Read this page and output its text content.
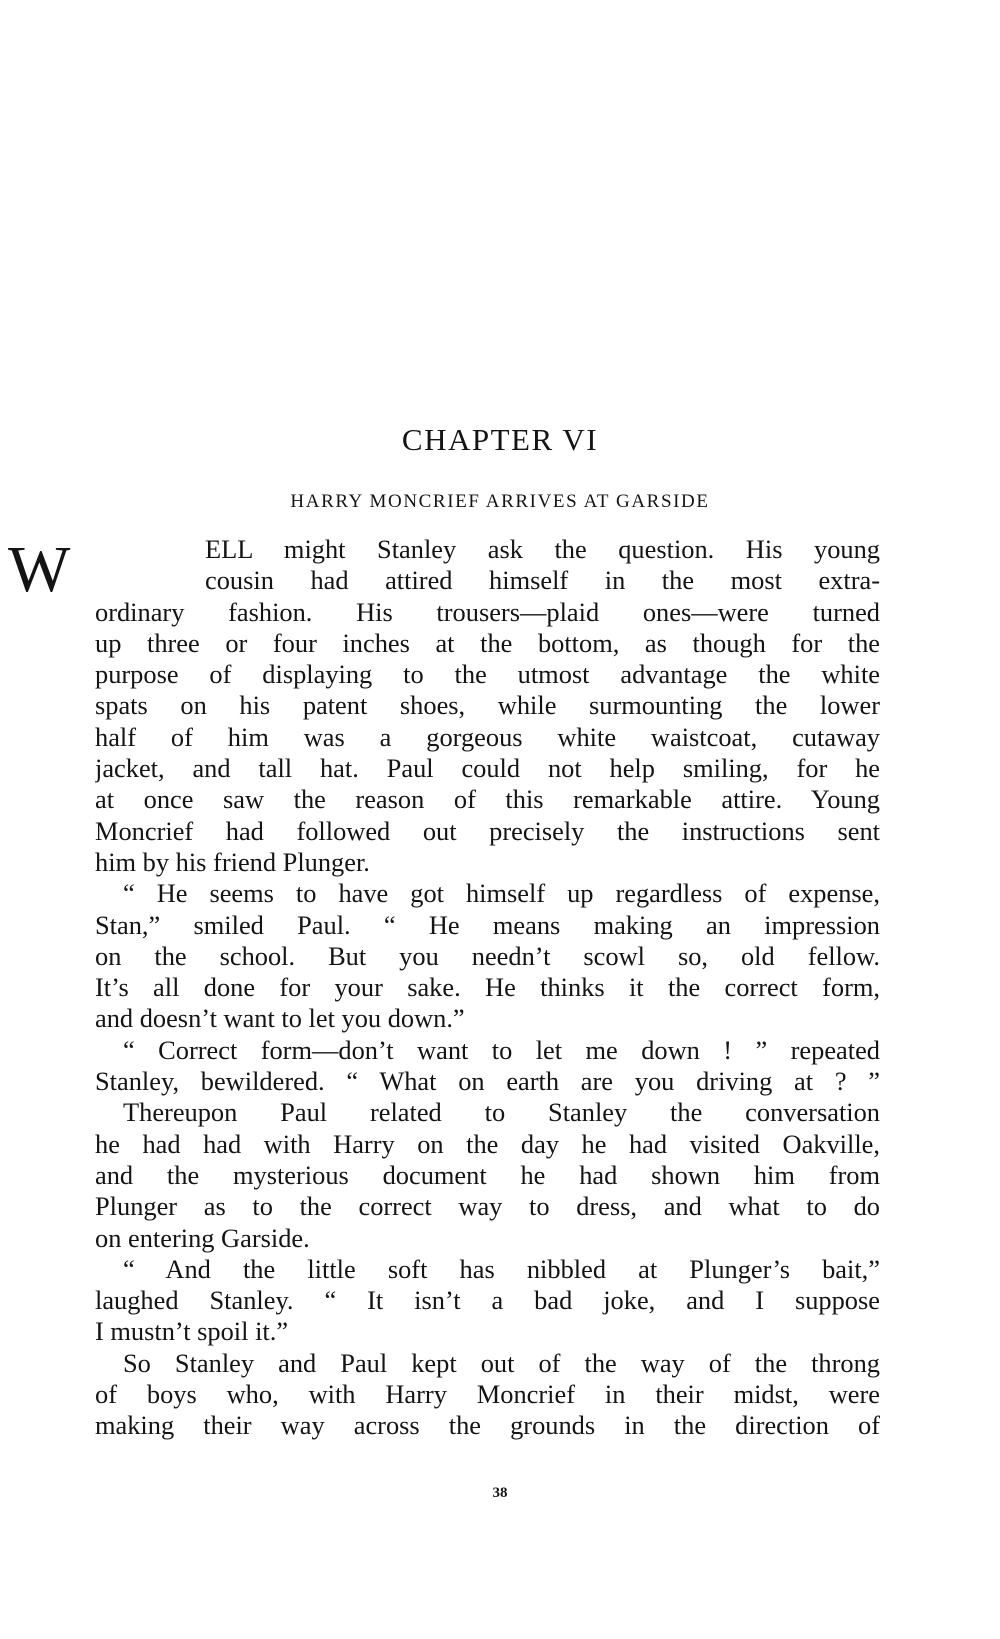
CHAPTER VI
HARRY MONCRIEF ARRIVES AT GARSIDE
W	ELL might Stanley ask the question. His young
cousin had attired himself in the most extra-
ordinary fashion. His trousers—plaid ones—were turned
up three or four inches at the bottom, as though for the
purpose of displaying to the utmost advantage the white
spats on his patent shoes, while surmounting the lower
half of him was a gorgeous white waistcoat, cutaway
jacket, and tall hat. Paul could not help smiling, for he
at once saw the reason of this remarkable attire. Young
Moncrief had followed out precisely the instructions sent
him by his friend Plunger.
“ He seems to have got himself up regardless of expense,
Stan,” smiled Paul. “ He means making an impression
on the school. But you needn’t scowl so, old fellow.
It’s all done for your sake. He thinks it the correct form,
and doesn’t want to let you down.”
“ Correct form—don’t want to let me down ! ” repeated
Stanley, bewildered. “ What on earth are you driving at ? ”
Thereupon Paul related to Stanley the conversation
he had had with Harry on the day he had visited Oakville,
and the mysterious document he had shown him from
Plunger as to the correct way to dress, and what to do
on entering Garside.
“ And the little soft has nibbled at Plunger’s bait,”
laughed Stanley. “ It isn’t a bad joke, and I suppose
I mustn’t spoil it.”
So Stanley and Paul kept out of the way of the throng
of boys who, with Harry Moncrief in their midst, were
making their way across the grounds in the direction of
38
